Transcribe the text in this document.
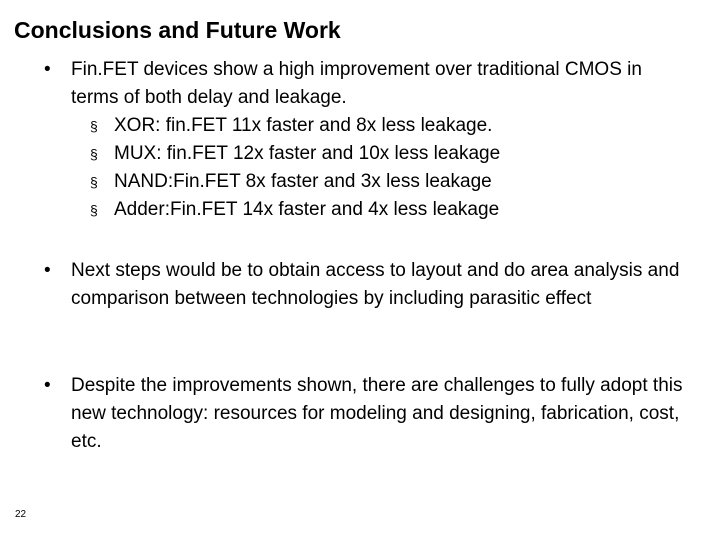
Conclusions and Future Work
•	Fin.FET devices show a high improvement over traditional CMOS in terms of both delay and leakage.
§ XOR: fin.FET 11x faster and 8x less leakage.
§ MUX: fin.FET 12x faster and 10x less leakage
§ NAND:Fin.FET 8x faster and 3x less leakage
§ Adder:Fin.FET 14x faster and 4x less leakage
•	Next steps would be to obtain access to layout and do area analysis and comparison between technologies by including parasitic effect
•	Despite the improvements shown, there are challenges to fully adopt this new technology: resources for modeling and designing, fabrication, cost, etc.
22
